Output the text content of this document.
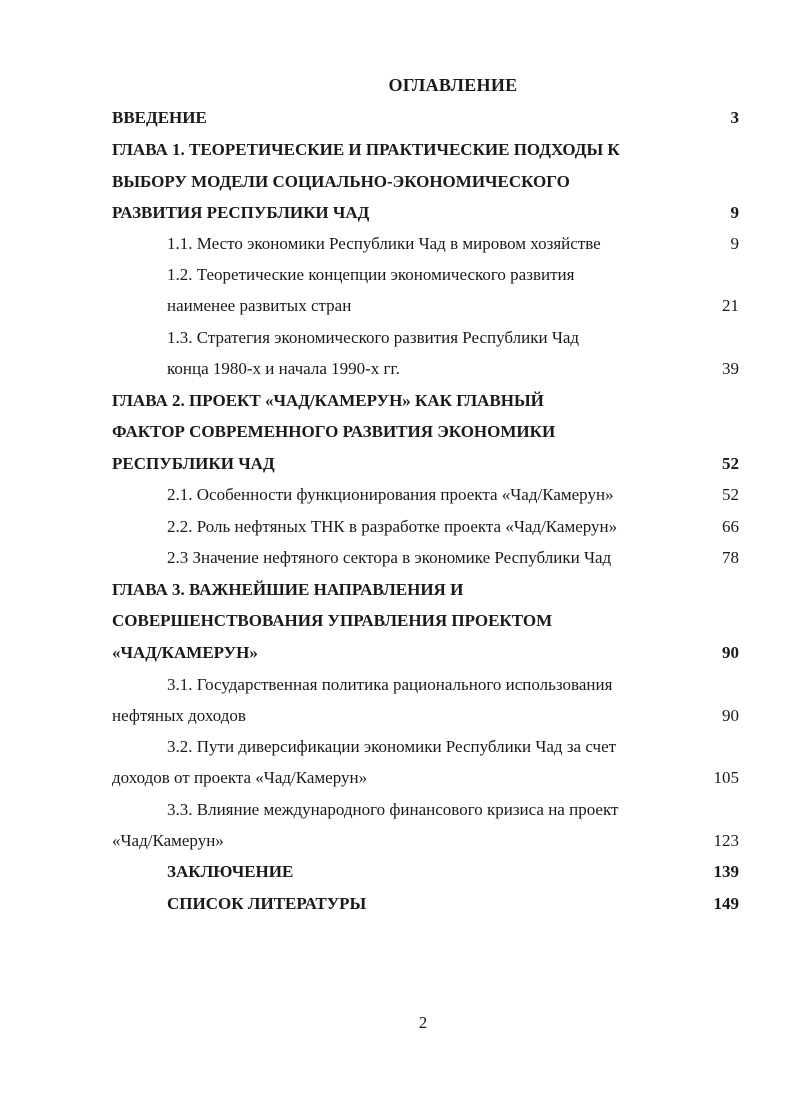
ОГЛАВЛЕНИЕ
ВВЕДЕНИЕ	3
ГЛАВА 1. ТЕОРЕТИЧЕСКИЕ И ПРАКТИЧЕСКИЕ ПОДХОДЫ К
ВЫБОРУ МОДЕЛИ СОЦИАЛЬНО-ЭКОНОМИЧЕСКОГО
РАЗВИТИЯ РЕСПУБЛИКИ ЧАД	9
1.1. Место экономики Республики Чад в мировом хозяйстве	9
1.2. Теоретические концепции экономического развития
наименее развитых стран	21
1.3. Стратегия экономического развития Республики Чад
конца 1980-х и начала 1990-х гг.	39
ГЛАВА 2. ПРОЕКТ «ЧАД/КАМЕРУН» КАК ГЛАВНЫЙ
ФАКТОР СОВРЕМЕННОГО РАЗВИТИЯ ЭКОНОМИКИ
РЕСПУБЛИКИ ЧАД	52
2.1. Особенности функционирования проекта «Чад/Камерун»	52
2.2. Роль нефтяных ТНК в разработке проекта «Чад/Камерун»	66
2.3 Значение нефтяного сектора в экономике Республики Чад	78
ГЛАВА 3. ВАЖНЕЙШИЕ НАПРАВЛЕНИЯ И
СОВЕРШЕНСТВОВАНИЯ УПРАВЛЕНИЯ ПРОЕКТОМ
«ЧАД/КАМЕРУН»	90
3.1. Государственная политика рационального использования
нефтяных доходов	90
3.2. Пути диверсификации экономики Республики Чад за счет
доходов от проекта «Чад/Камерун»	105
3.3. Влияние международного финансового кризиса на проект
«Чад/Камерун»	123
ЗАКЛЮЧЕНИЕ	139
СПИСОК ЛИТЕРАТУРЫ	149
2
